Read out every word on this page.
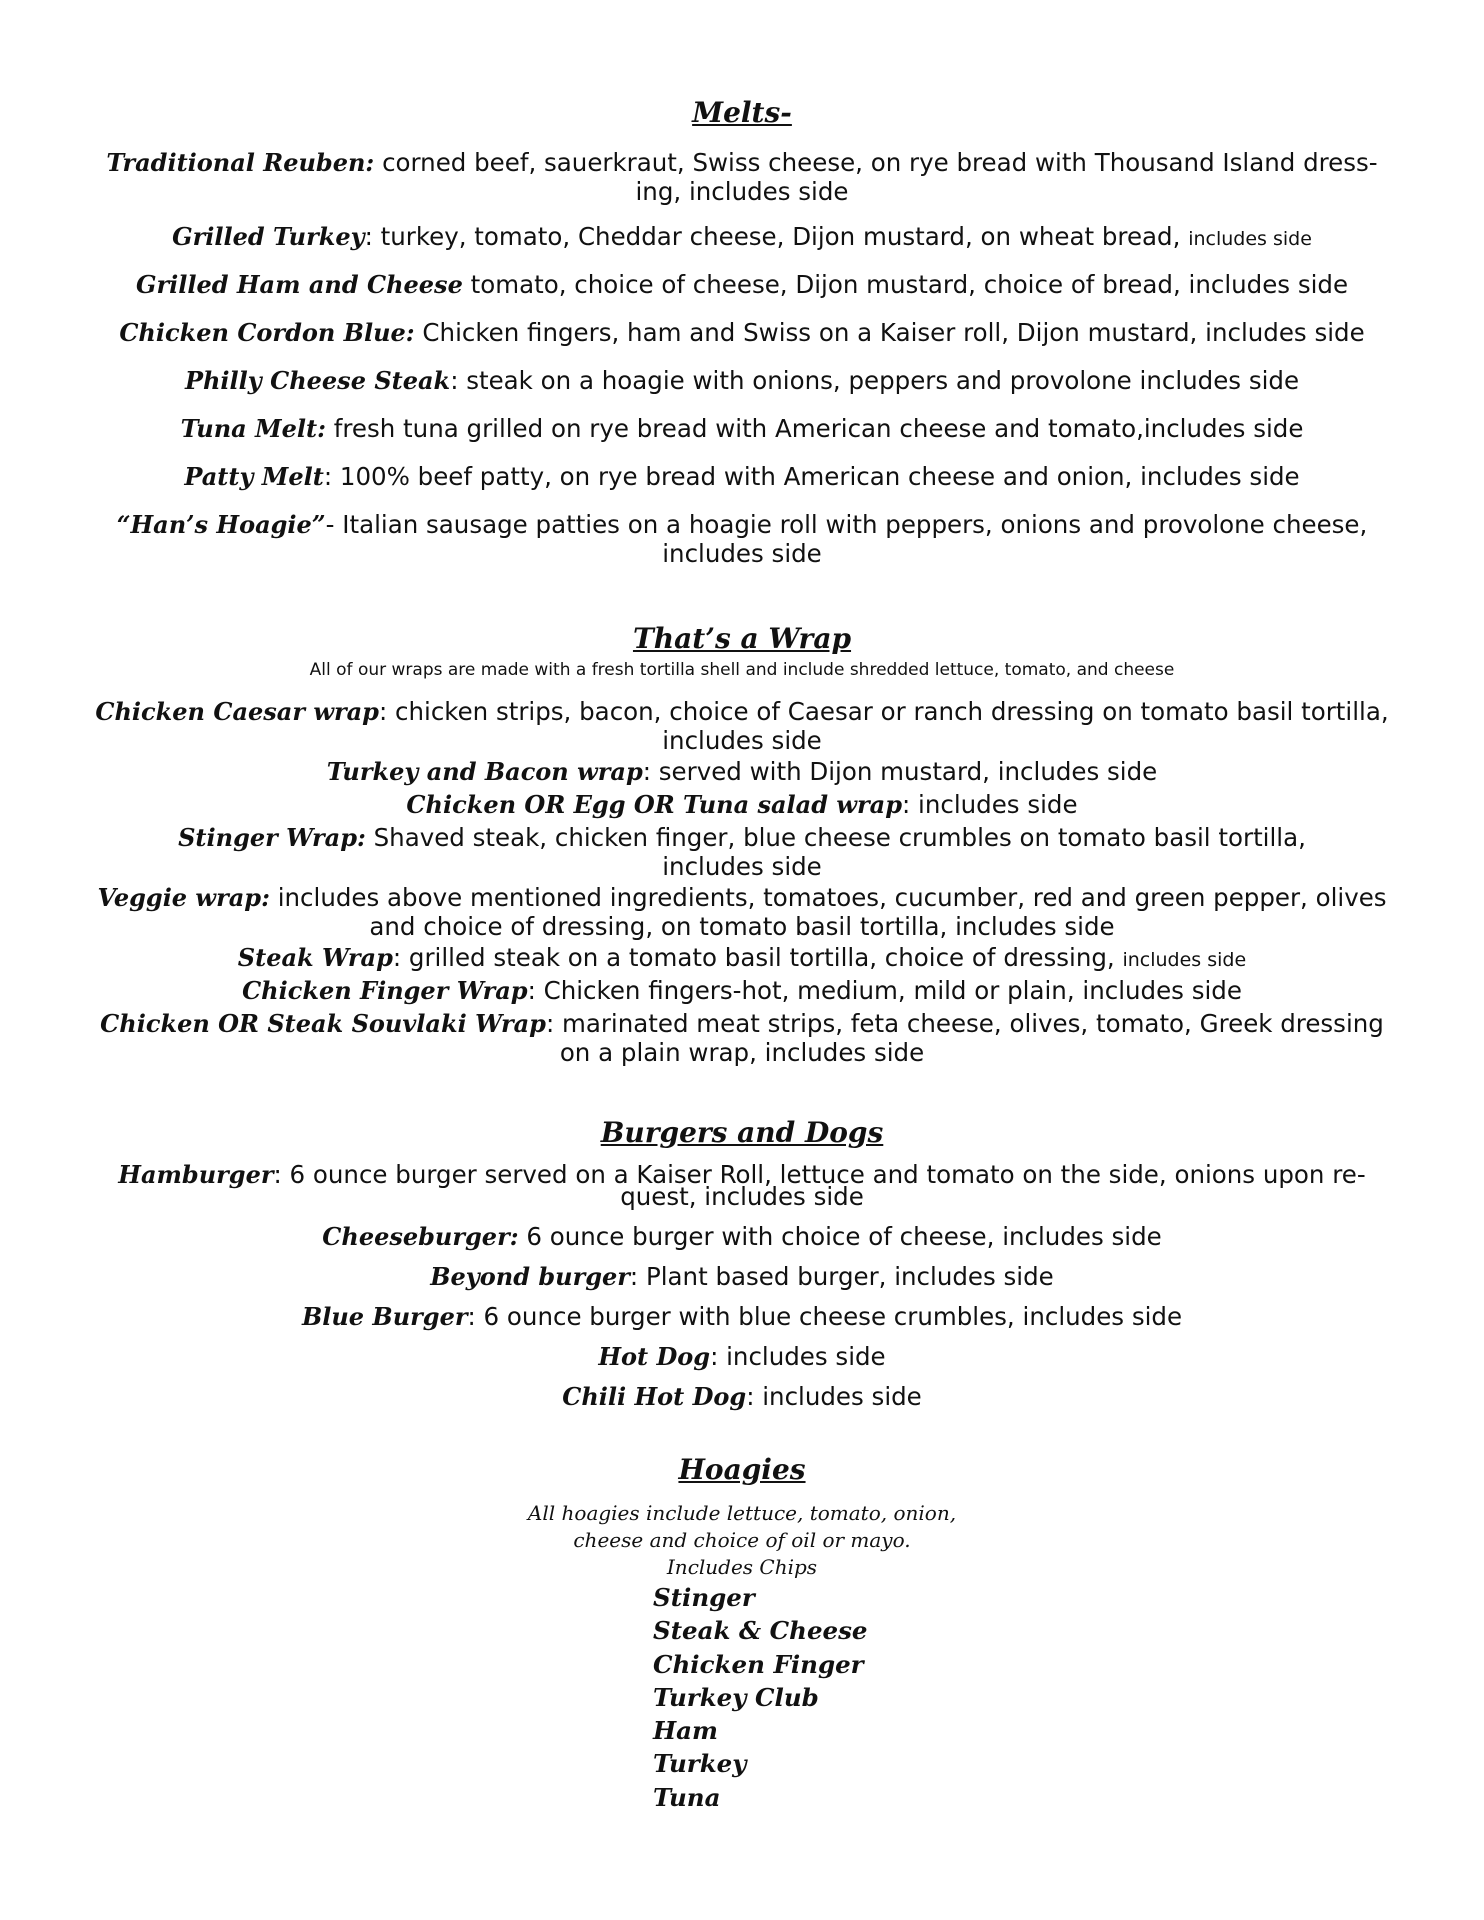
Melts-
Traditional Reuben: corned beef, sauerkraut, Swiss cheese, on rye bread with Thousand Island dress-
ing, includes side
Grilled Turkey: turkey, tomato, Cheddar cheese, Dijon mustard, on wheat bread, includes side
Grilled Ham and Cheese tomato, choice of cheese, Dijon mustard, choice of bread, includes side
Chicken Cordon Blue: Chicken fingers, ham and Swiss on a Kaiser roll, Dijon mustard, includes side
Philly Cheese Steak: steak on a hoagie with onions, peppers and provolone includes side
Tuna Melt: fresh tuna grilled on rye bread with American cheese and tomato,includes side
Patty Melt: 100% beef patty, on rye bread with American cheese and onion, includes side
“Han’s Hoagie”- Italian sausage patties on a hoagie roll with peppers, onions and provolone cheese,
includes side
That’s a Wrap
All of our wraps are made with a fresh tortilla shell and include shredded lettuce, tomato, and cheese
Chicken Caesar wrap: chicken strips, bacon, choice of Caesar or ranch dressing on tomato basil tortilla,
includes side
Turkey and Bacon wrap: served with Dijon mustard, includes side
Chicken OR Egg OR Tuna salad wrap: includes side
Stinger Wrap: Shaved steak, chicken finger, blue cheese crumbles on tomato basil tortilla,
includes side
Veggie wrap: includes above mentioned ingredients, tomatoes, cucumber, red and green pepper, olives
and choice of dressing, on tomato basil tortilla, includes side
Steak Wrap: grilled steak on a tomato basil tortilla, choice of dressing, includes side
Chicken Finger Wrap: Chicken fingers-hot, medium, mild or plain, includes side
Chicken OR Steak Souvlaki Wrap: marinated meat strips, feta cheese, olives, tomato, Greek dressing
on a plain wrap, includes side
Burgers and Dogs
Hamburger: 6 ounce burger served on a Kaiser Roll, lettuce and tomato on the side, onions upon re-
quest, includes side
Cheeseburger: 6 ounce burger with choice of cheese, includes side
Beyond burger: Plant based burger, includes side
Blue Burger: 6 ounce burger with blue cheese crumbles, includes side
Hot Dog: includes side
Chili Hot Dog: includes side
Hoagies
All hoagies include lettuce, tomato, onion,
cheese and choice of oil or mayo.
Includes Chips
Stinger
Steak & Cheese
Chicken Finger
Turkey Club
Ham
Turkey
Tuna
